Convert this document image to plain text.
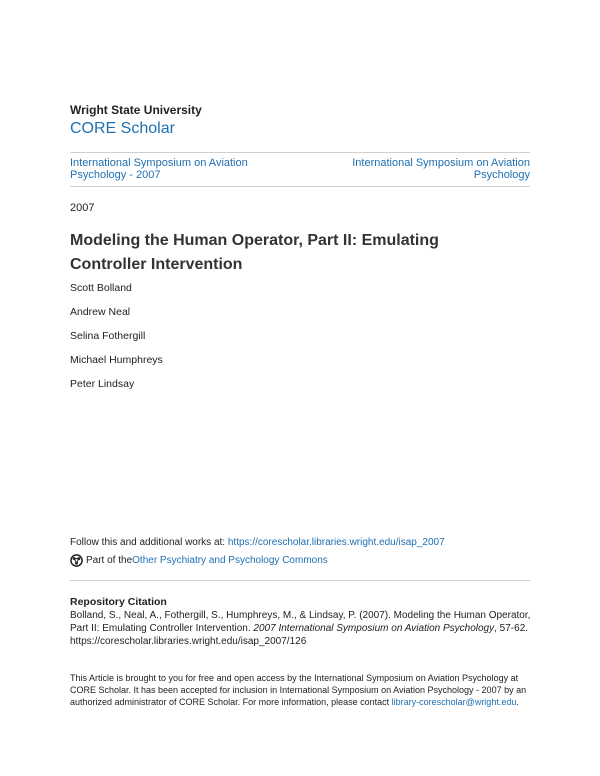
Wright State University
CORE Scholar
International Symposium on Aviation
Psychology - 2007
International Symposium on Aviation
Psychology
2007
Modeling the Human Operator, Part II: Emulating Controller Intervention
Scott Bolland
Andrew Neal
Selina Fothergill
Michael Humphreys
Peter Lindsay
Follow this and additional works at: https://corescholar.libraries.wright.edu/isap_2007
Part of the Other Psychiatry and Psychology Commons
Repository Citation
Bolland, S., Neal, A., Fothergill, S., Humphreys, M., & Lindsay, P. (2007). Modeling the Human Operator, Part II: Emulating Controller Intervention. 2007 International Symposium on Aviation Psychology, 57-62.
https://corescholar.libraries.wright.edu/isap_2007/126
This Article is brought to you for free and open access by the International Symposium on Aviation Psychology at CORE Scholar. It has been accepted for inclusion in International Symposium on Aviation Psychology - 2007 by an authorized administrator of CORE Scholar. For more information, please contact library-corescholar@wright.edu.
